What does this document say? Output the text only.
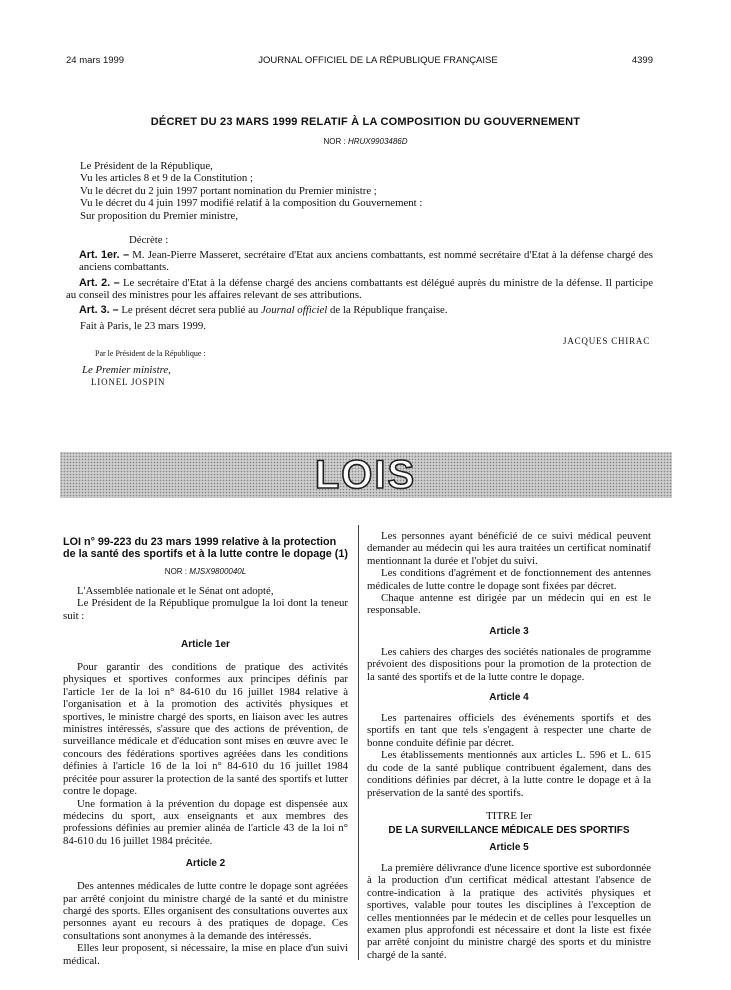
24 mars 1999	JOURNAL OFFICIEL DE LA RÉPUBLIQUE FRANÇAISE	4399
DÉCRET DU 23 MARS 1999 RELATIF À LA COMPOSITION DU GOUVERNEMENT
NOR : HRUX9903486D
Le Président de la République,
Vu les articles 8 et 9 de la Constitution ;
Vu le décret du 2 juin 1997 portant nomination du Premier ministre ;
Vu le décret du 4 juin 1997 modifié relatif à la composition du Gouvernement :
Sur proposition du Premier ministre,
Décrète :
Art. 1er. – M. Jean-Pierre Masseret, secrétaire d'Etat aux anciens combattants, est nommé secrétaire d'Etat à la défense chargé des anciens combattants.
Art. 2. – Le secrétaire d'Etat à la défense chargé des anciens combattants est délégué auprès du ministre de la défense. Il participe au conseil des ministres pour les affaires relevant de ses attributions.
Art. 3. – Le présent décret sera publié au Journal officiel de la République française.
Fait à Paris, le 23 mars 1999.
JACQUES CHIRAC
Par le Président de la République :
Le Premier ministre,
LIONEL JOSPIN
LOIS
LOI n° 99-223 du 23 mars 1999 relative à la protection de la santé des sportifs et à la lutte contre le dopage (1)
NOR : MJSX9800040L

L'Assemblée nationale et le Sénat ont adopté,

Le Président de la République promulgue la loi dont la teneur suit :

Article 1er

Pour garantir des conditions de pratique des activités physiques et sportives conformes aux principes définis par l'article 1er de la loi n° 84-610 du 16 juillet 1984 relative à l'organisation et à la promotion des activités physiques et sportives, le ministre chargé des sports, en liaison avec les autres ministres intéressés, s'assure que des actions de prévention, de surveillance médicale et d'éducation sont mises en œuvre avec le concours des fédérations sportives agréées dans les conditions définies à l'article 16 de la loi n° 84-610 du 16 juillet 1984 précitée pour assurer la protection de la santé des sportifs et lutter contre le dopage.

Une formation à la prévention du dopage est dispensée aux médecins du sport, aux enseignants et aux membres des professions définies au premier alinéa de l'article 43 de la loi n° 84-610 du 16 juillet 1984 précitée.

Article 2

Des antennes médicales de lutte contre le dopage sont agréées par arrêté conjoint du ministre chargé de la santé et du ministre chargé des sports. Elles organisent des consultations ouvertes aux personnes ayant eu recours à des pratiques de dopage. Ces consultations sont anonymes à la demande des intéressés.

Elles leur proposent, si nécessaire, la mise en place d'un suivi médical.

Les personnes ayant bénéficié de ce suivi médical peuvent demander au médecin qui les aura traitées un certificat nominatif mentionnant la durée et l'objet du suivi.

Les conditions d'agrément et de fonctionnement des antennes médicales de lutte contre le dopage sont fixées par décret.

Chaque antenne est dirigée par un médecin qui en est le responsable.

Article 3

Les cahiers des charges des sociétés nationales de programme prévoient des dispositions pour la promotion de la protection de la santé des sportifs et de la lutte contre le dopage.

Article 4

Les partenaires officiels des événements sportifs et des sportifs en tant que tels s'engagent à respecter une charte de bonne conduite définie par décret.

Les établissements mentionnés aux articles L. 596 et L. 615 du code de la santé publique contribuent également, dans des conditions définies par décret, à la lutte contre le dopage et à la préservation de la santé des sportifs.

TITRE Ier
DE LA SURVEILLANCE MÉDICALE DES SPORTIFS
Article 5

La première délivrance d'une licence sportive est subordonnée à la production d'un certificat médical attestant l'absence de contre-indication à la pratique des activités physiques et sportives, valable pour toutes les disciplines à l'exception de celles mentionnées par le médecin et de celles pour lesquelles un examen plus approfondi est nécessaire et dont la liste est fixée par arrêté conjoint du ministre chargé des sports et du ministre chargé de la santé.
